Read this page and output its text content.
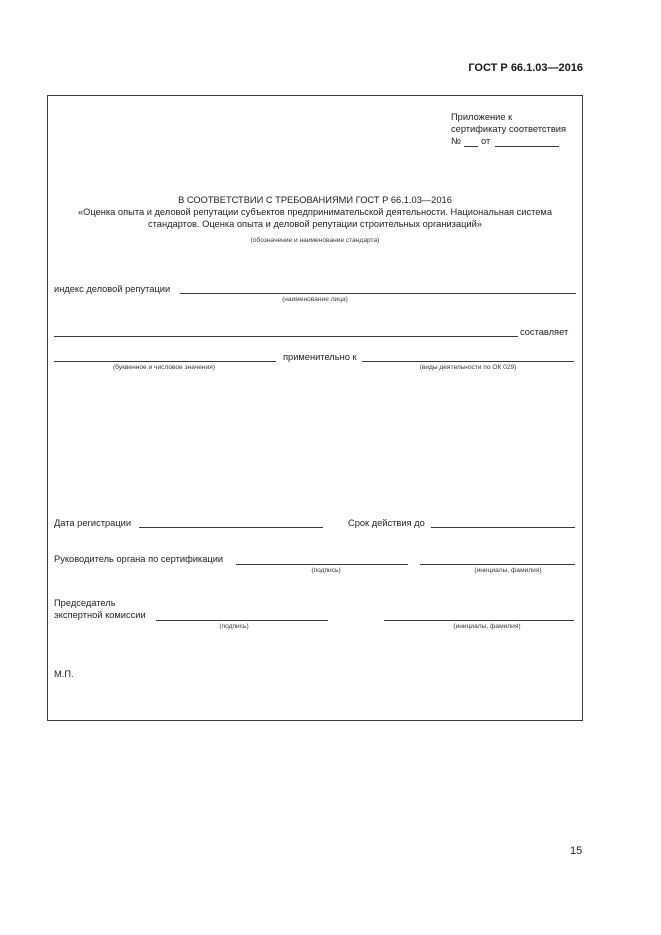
ГОСТ Р 66.1.03—2016
Приложение к
сертификату соответствия
№ от
В СООТВЕТСТВИИ С ТРЕБОВАНИЯМИ ГОСТ Р 66.1.03—2016
«Оценка опыта и деловой репутации субъектов предпринимательской деятельности. Национальная система
стандартов. Оценка опыта и деловой репутации строительных организаций»
(обозначение и наименование стандарта)
индекс деловой репутации
(наименование лица)
составляет
применительно к
(буквенное и числовое значения)	(виды деятельности по ОК 029)
Дата регистрации	Срок действия до
Руководитель органа по сертификации
(подпись)	(инициалы, фамилия)
Председатель
экспертной комиссии
(подпись)	(инициалы, фамилия)
М.П.
15
